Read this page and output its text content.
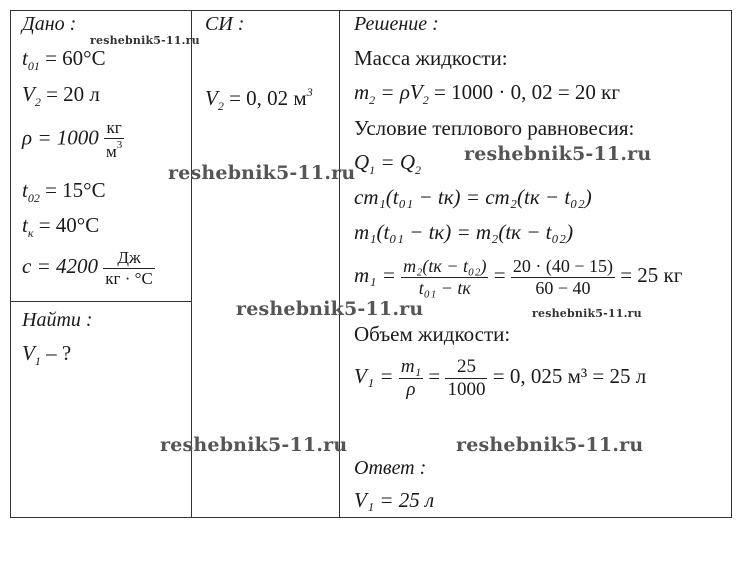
Дано :
$t_{01} = 60^\circ C$
$V_2 = 20$ л
$\rho = 1000 \frac{кг}{м^3}$
$t_{02} = 15^\circ C$
$t_к = 40^\circ C$
$c = 4200 \frac{Дж}{кг \cdot ^\circ C}$
Найти :
$V_1$ – ?
СИ :
$V_2 = 0$, 02 $м^3$
Решение :
Масса жидкости:
$m_2 = \rho V_2 = 1000 \cdot 0$, 02 = 20 кг
Условие теплового равновесия:
$Q_1 = Q_2$
cm₁(t₀₁ − tк) = cm₂(tк − t₀₂)
m₁(t₀₁ − tк) = m₂(tк − t₀₂)
$m_1 = \frac{\text{m₂(tк − t₀₂)}}{\text{t₀₁ − tк}} = \frac{20 \cdot (40 - 15)}{60 - 40} = 25$ кг
Объем жидкости:
$V_1 = \frac{\text{m₁}}{\rho} = \frac{25}{1000} = 0$, 025 м³ = 25 л
Ответ :
V₁ = 25 л
reshebnik5-11.ru
reshebnik5-11.ru
reshebnik5-11.ru
reshebnik5-11.ru	reshebnik5-11.ru
reshebnik5-11.ru	reshebnik5-11.ru
